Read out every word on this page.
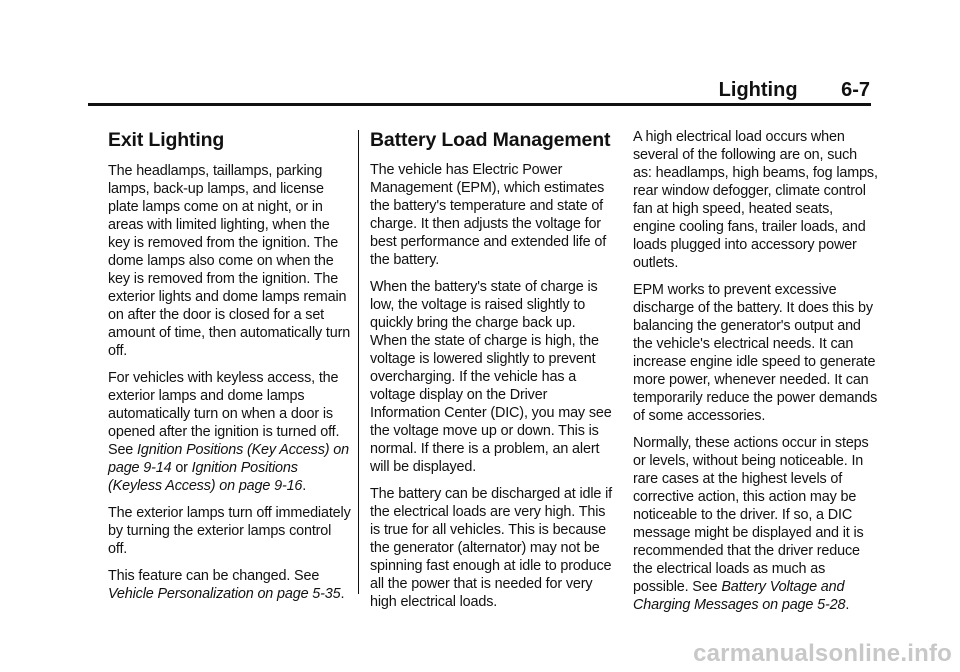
Lighting 6-7
Exit Lighting

The headlamps, taillamps, parking lamps, back-up lamps, and license plate lamps come on at night, or in areas with limited lighting, when the key is removed from the ignition. The dome lamps also come on when the key is removed from the ignition. The exterior lights and dome lamps remain on after the door is closed for a set amount of time, then automatically turn off.

For vehicles with keyless access, the exterior lamps and dome lamps automatically turn on when a door is opened after the ignition is turned off. See Ignition Positions (Key Access) on page 9-14 or Ignition Positions (Keyless Access) on page 9-16.

The exterior lamps turn off immediately by turning the exterior lamps control off.

This feature can be changed. See Vehicle Personalization on page 5-35.

Battery Load Management

The vehicle has Electric Power Management (EPM), which estimates the battery's temperature and state of charge. It then adjusts the voltage for best performance and extended life of the battery.

When the battery's state of charge is low, the voltage is raised slightly to quickly bring the charge back up. When the state of charge is high, the voltage is lowered slightly to prevent overcharging. If the vehicle has a voltage display on the Driver Information Center (DIC), you may see the voltage move up or down. This is normal. If there is a problem, an alert will be displayed.

The battery can be discharged at idle if the electrical loads are very high. This is true for all vehicles. This is because the generator (alternator) may not be spinning fast enough at idle to produce all the power that is needed for very high electrical loads.

A high electrical load occurs when several of the following are on, such as: headlamps, high beams, fog lamps, rear window defogger, climate control fan at high speed, heated seats, engine cooling fans, trailer loads, and loads plugged into accessory power outlets.

EPM works to prevent excessive discharge of the battery. It does this by balancing the generator's output and the vehicle's electrical needs. It can increase engine idle speed to generate more power, whenever needed. It can temporarily reduce the power demands of some accessories.

Normally, these actions occur in steps or levels, without being noticeable. In rare cases at the highest levels of corrective action, this action may be noticeable to the driver. If so, a DIC message might be displayed and it is recommended that the driver reduce the electrical loads as much as possible. See Battery Voltage and Charging Messages on page 5-28.

carmanualsonline.info
